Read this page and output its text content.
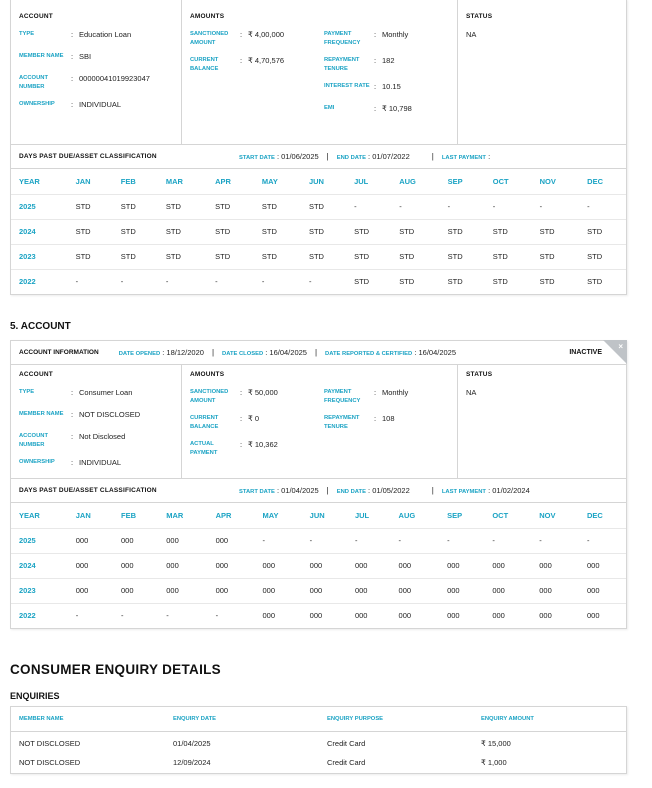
ACCOUNT
TYPE	: Education Loan
MEMBER NAME	: SBI
ACCOUNT NUMBER
: 00000041019923047
OWNERSHIP	: INDIVIDUAL
AMOUNTS
SANCTIONED AMOUNT
: ₹ 4,00,000
CURRENT BALANCE
: ₹ 4,70,576
PAYMENT FREQUENCY
: Monthly
REPAYMENT TENURE
: 182
INTEREST RATE : 10.15
EMI	: ₹ 10,798
STATUS
NA
DAYS PAST DUE/ASSET CLASSIFICATION	START DATE : 01/06/2025 | END DATE : 01/07/2022	| LAST PAYMENT :
YEAR	JAN	FEB	MAR	APR	MAY	JUN	JUL	AUG	SEP	OCT	NOV	DEC
2025	STD	STD	STD	STD	STD	STD	-	-	-	-	-	-
2024	STD	STD	STD	STD	STD	STD	STD	STD	STD	STD	STD	STD
2023	STD	STD	STD	STD	STD	STD	STD	STD	STD	STD	STD	STD
2022	-	-	-	-	-	-	STD	STD	STD	STD	STD	STD
5. ACCOUNT
ACCOUNT INFORMATION	DATE OPENED : 18/12/2020 | DATE CLOSED : 16/04/2025 | DATE REPORTED & CERTIFIED : 16/04/2025	INACTIVE
×
ACCOUNT
TYPE	: Consumer Loan
MEMBER NAME	: NOT DISCLOSED
ACCOUNT NUMBER
: Not Disclosed
OWNERSHIP	: INDIVIDUAL
AMOUNTS
SANCTIONED AMOUNT
: ₹ 50,000
CURRENT BALANCE
: ₹ 0
ACTUAL PAYMENT
: ₹ 10,362
PAYMENT FREQUENCY
: Monthly
REPAYMENT TENURE
: 108
STATUS
NA
DAYS PAST DUE/ASSET CLASSIFICATION	START DATE : 01/04/2025 | END DATE : 01/05/2022	| LAST PAYMENT : 01/02/2024
YEAR	JAN	FEB	MAR	APR	MAY	JUN	JUL	AUG	SEP	OCT	NOV	DEC
2025	000	000	000	000	-	-	-	-	-	-	-	-
2024	000	000	000	000	000	000	000	000	000	000	000	000
2023	000	000	000	000	000	000	000	000	000	000	000	000
2022	-	-	-	-	000	000	000	000	000	000	000	000
CONSUMER ENQUIRY DETAILS
ENQUIRIES
MEMBER NAME	ENQUIRY DATE	ENQUIRY PURPOSE	ENQUIRY AMOUNT
NOT DISCLOSED	01/04/2025	Credit Card	₹ 15,000
NOT DISCLOSED	12/09/2024	Credit Card	₹ 1,000
